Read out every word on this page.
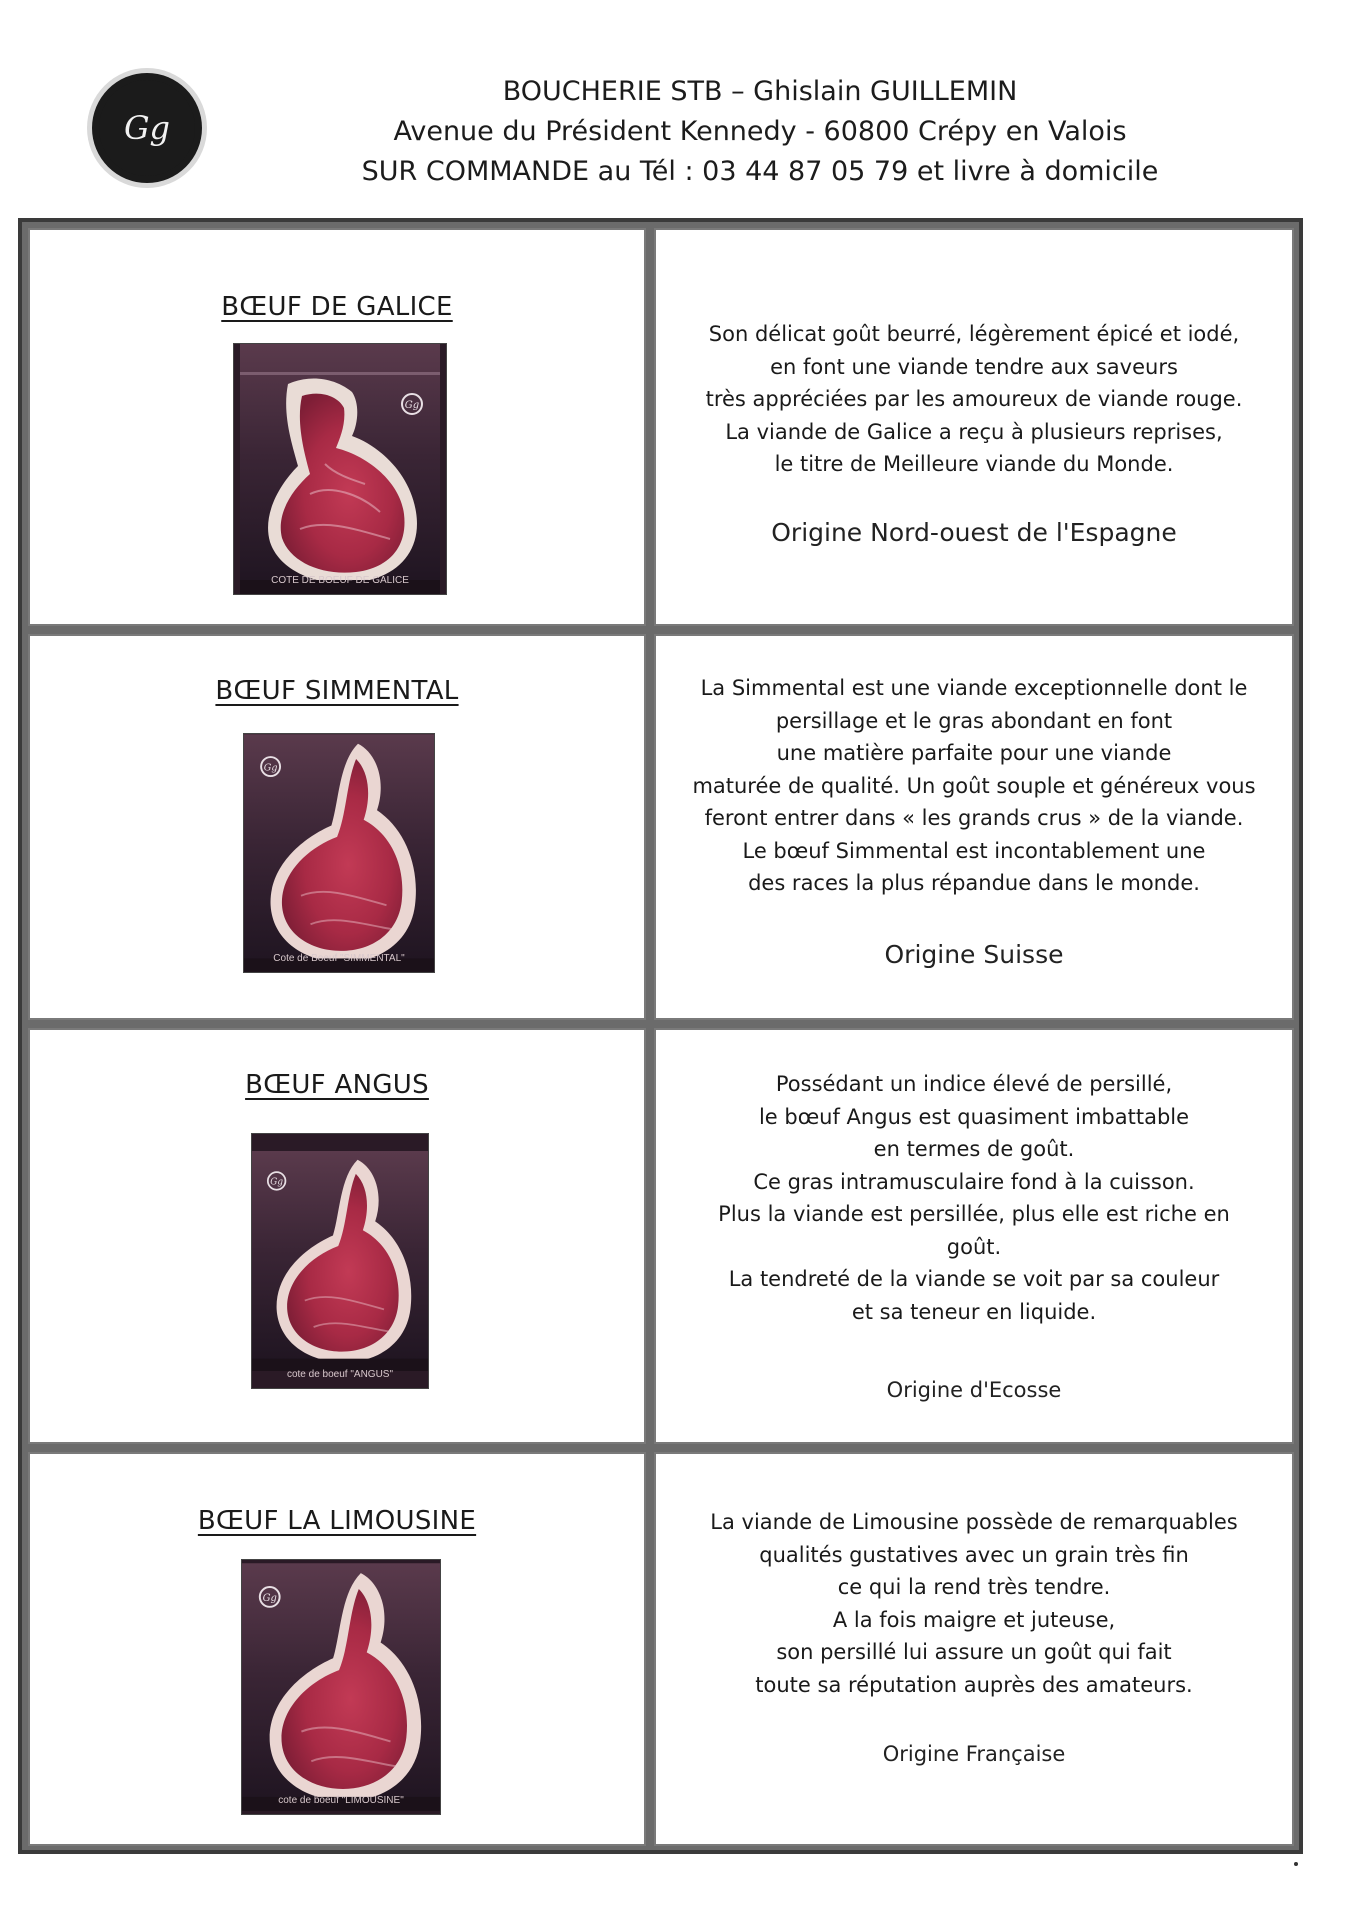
Gg
BOUCHERIE STB – Ghislain GUILLEMIN
Avenue du Président Kennedy - 60800 Crépy en Valois
SUR COMMANDE au Tél : 03 44 87 05 79 et livre à domicile
BŒUF DE GALICE
COTE DE BOEUF DE GALICE
Son délicat goût beurré, légèrement épicé et iodé,
en font une viande tendre aux saveurs
très appréciées par les amoureux de viande rouge.
La viande de Galice a reçu à plusieurs reprises,
le titre de Meilleure viande du Monde.
Origine Nord-ouest de l'Espagne
BŒUF SIMMENTAL
Cote de Boeuf "SIMMENTAL"
La Simmental est une viande exceptionnelle dont le
persillage et le gras abondant en font
une matière parfaite pour une viande
maturée de qualité. Un goût souple et généreux vous
feront entrer dans « les grands crus » de la viande.
Le bœuf Simmental est incontablement une
des races la plus répandue dans le monde.
Origine Suisse
BŒUF ANGUS
cote de boeuf "ANGUS"
Possédant un indice élevé de persillé,
le bœuf Angus est quasiment imbattable
en termes de goût.
Ce gras intramusculaire fond à la cuisson.
Plus la viande est persillée, plus elle est riche en
goût.
La tendreté de la viande se voit par sa couleur
et sa teneur en liquide.
Origine d'Ecosse
BŒUF LA LIMOUSINE
cote de boeuf "LIMOUSINE"
La viande de Limousine possède de remarquables
qualités gustatives avec un grain très fin
ce qui la rend très tendre.
A la fois maigre et juteuse,
son persillé lui assure un goût qui fait
toute sa réputation auprès des amateurs.
Origine Française
